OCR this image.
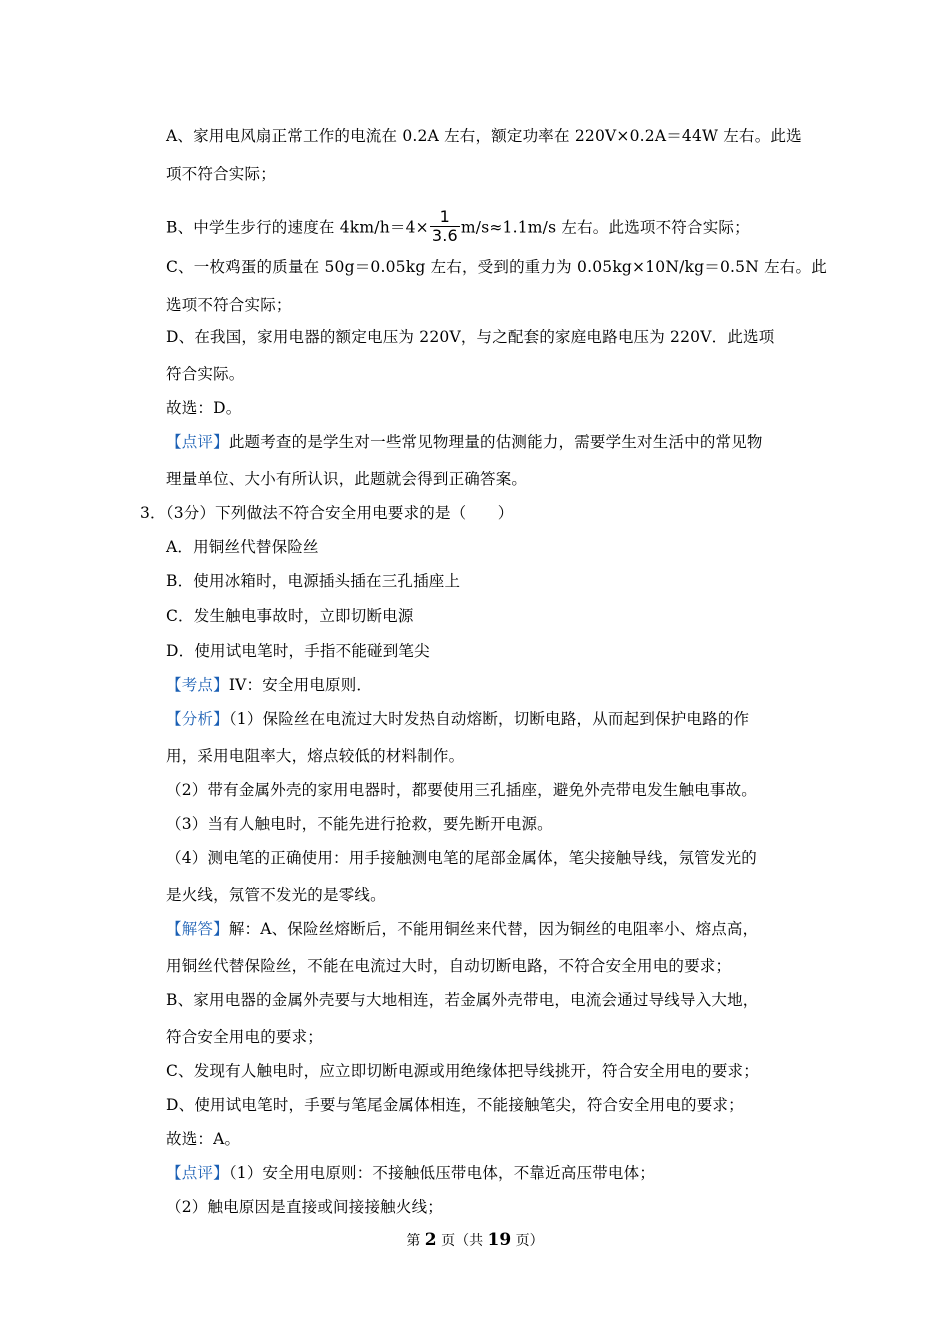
A、家用电风扇正常工作的电流在 0.2A 左右，额定功率在 220V×0.2A＝44W 左右。此选
项不符合实际；
B、中学生步行的速度在 $4km/h=4\times \frac{1}{3.6} m/s\approx 1.1m/s$ 左右。此选项不符合实际；
C、一枚鸡蛋的质量在 50g＝0.05kg 左右，受到的重力为 0.05kg×10N/kg＝0.5N 左右。此
选项不符合实际；
D、在我国，家用电器的额定电压为 220V，与之配套的家庭电路电压为 220V．此选项
符合实际。
故选：D。
【点评】此题考查的是学生对一些常见物理量的估测能力，需要学生对生活中的常见物
理量单位、大小有所认识，此题就会得到正确答案。
3．（3分）下列做法不符合安全用电要求的是（　　）
A．用铜丝代替保险丝
B．使用冰箱时，电源插头插在三孔插座上
C．发生触电事故时，立即切断电源
D．使用试电笔时，手指不能碰到笔尖
【考点】IV：安全用电原则．
【分析】（1）保险丝在电流过大时发热自动熔断，切断电路，从而起到保护电路的作
用，采用电阻率大，熔点较低的材料制作。
（2）带有金属外壳的家用电器时，都要使用三孔插座，避免外壳带电发生触电事故。
（3）当有人触电时，不能先进行抢救，要先断开电源。
（4）测电笔的正确使用：用手接触测电笔的尾部金属体，笔尖接触导线，氖管发光的
是火线，氖管不发光的是零线。
【解答】解：A、保险丝熔断后，不能用铜丝来代替，因为铜丝的电阻率小、熔点高，
用铜丝代替保险丝，不能在电流过大时，自动切断电路，不符合安全用电的要求；
B、家用电器的金属外壳要与大地相连，若金属外壳带电，电流会通过导线导入大地，
符合安全用电的要求；
C、发现有人触电时，应立即切断电源或用绝缘体把导线挑开，符合安全用电的要求；
D、使用试电笔时，手要与笔尾金属体相连，不能接触笔尖，符合安全用电的要求；
故选：A。
【点评】（1）安全用电原则：不接触低压带电体，不靠近高压带电体；
（2）触电原因是直接或间接接触火线；
第 2 页（共 19 页）
